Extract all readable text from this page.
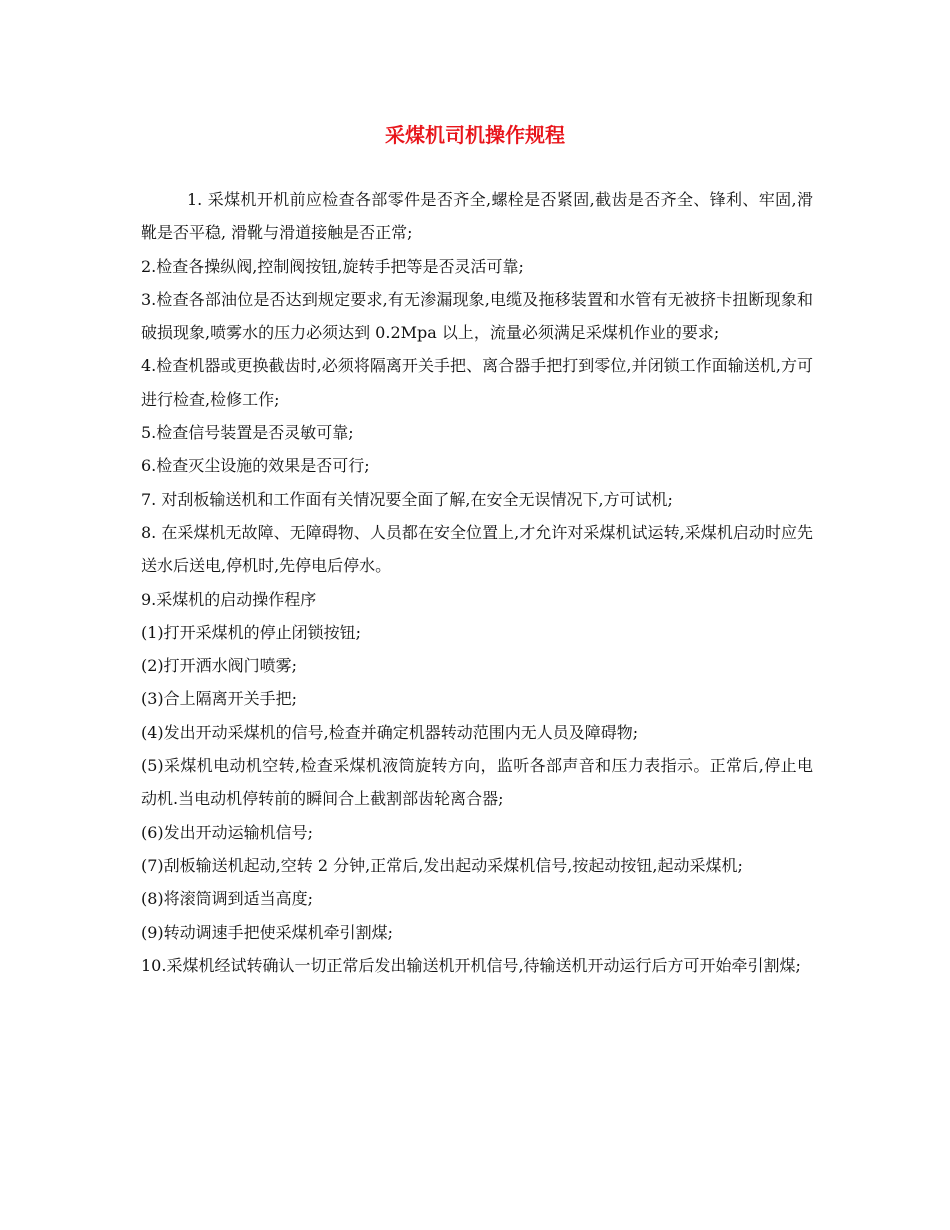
采煤机司机操作规程

1. 采煤机开机前应检查各部零件是否齐全,螺栓是否紧固,截齿是否齐全、锋利、牢固,滑靴是否平稳, 滑靴与滑道接触是否正常;

2.检查各操纵阀,控制阀按钮,旋转手把等是否灵活可靠;

3.检查各部油位是否达到规定要求,有无渗漏现象,电缆及拖移装置和水管有无被挤卡扭断现象和破损现象,喷雾水的压力必须达到 0.2Mpa 以上，流量必须满足采煤机作业的要求;

4.检查机器或更换截齿时,必须将隔离开关手把、离合器手把打到零位,并闭锁工作面输送机,方可进行检查,检修工作;

5.检查信号装置是否灵敏可靠;

6.检查灭尘设施的效果是否可行;

7. 对刮板输送机和工作面有关情况要全面了解,在安全无误情况下,方可试机;

8. 在采煤机无故障、无障碍物、人员都在安全位置上,才允许对采煤机试运转,采煤机启动时应先送水后送电,停机时,先停电后停水。

9.采煤机的启动操作程序

(1)打开采煤机的停止闭锁按钮;

(2)打开洒水阀门喷雾;

(3)合上隔离开关手把;

(4)发出开动采煤机的信号,检查并确定机器转动范围内无人员及障碍物;

(5)采煤机电动机空转,检查采煤机液筒旋转方向，监听各部声音和压力表指示。正常后,停止电动机.当电动机停转前的瞬间合上截割部齿轮离合器;

(6)发出开动运输机信号;

(7)刮板输送机起动,空转 2 分钟,正常后,发出起动采煤机信号,按起动按钮,起动采煤机;

(8)将滚筒调到适当高度;

(9)转动调速手把使采煤机牵引割煤;

10.采煤机经试转确认一切正常后发出输送机开机信号,待输送机开动运行后方可开始牵引割煤;
